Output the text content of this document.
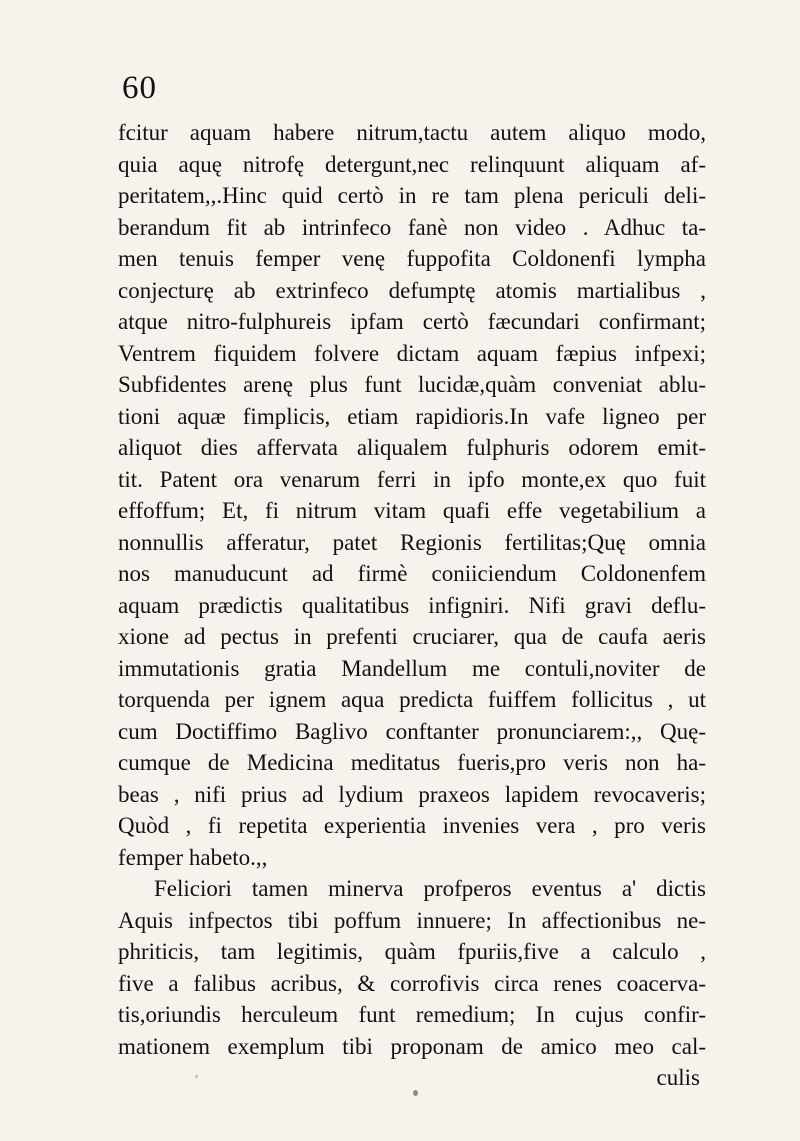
60
fcitur aquam habere nitrum,tactu autem aliquo modo,
quia aquę nitrofę detergunt,nec relinquunt aliquam af-
peritatem,,.Hinc quid certò in re tam plena periculi deli-
berandum fit ab intrinfeco fanè non video . Adhuc ta-
men tenuis femper venę fuppofita Coldonenfi lympha
conjecturę ab extrinfeco defumptę atomis martialibus ,
atque nitro-fulphureis ipfam certò fæcundari confirmant;
Ventrem fiquidem folvere dictam aquam fæpius infpexi;
Subfidentes arenę plus funt lucidæ,quàm conveniat ablu-
tioni aquæ fimplicis, etiam rapidioris.In vafe ligneo per
aliquot dies affervata aliqualem fulphuris odorem emit-
tit. Patent ora venarum ferri in ipfo monte,ex quo fuit
effoffum; Et, fi nitrum vitam quafi effe vegetabilium a
nonnullis afferatur, patet Regionis fertilitas;Quę omnia
nos manuducunt ad firmè coniiciendum Coldonenfem
aquam prædictis qualitatibus infigniri. Nifi gravi deflu-
xione ad pectus in prefenti cruciarer, qua de caufa aeris
immutationis gratia Mandellum me contuli,noviter de
torquenda per ignem aqua predicta fuiffem follicitus , ut
cum Doctiffimo Baglivo conftanter pronunciarem:,, Quę-
cumque de Medicina meditatus fueris,pro veris non ha-
beas , nifi prius ad lydium praxeos lapidem revocaveris;
Quòd , fi repetita experientia invenies vera , pro veris
femper habeto.,,
Feliciori tamen minerva profperos eventus a' dictis
Aquis infpectos tibi poffum innuere; In affectionibus ne-
phriticis, tam legitimis, quàm fpuriis,five a calculo ,
five a falibus acribus, & corrofivis circa renes coacerva-
tis,oriundis herculeum funt remedium; In cujus confir-
mationem exemplum tibi proponam de amico meo cal-
culis
